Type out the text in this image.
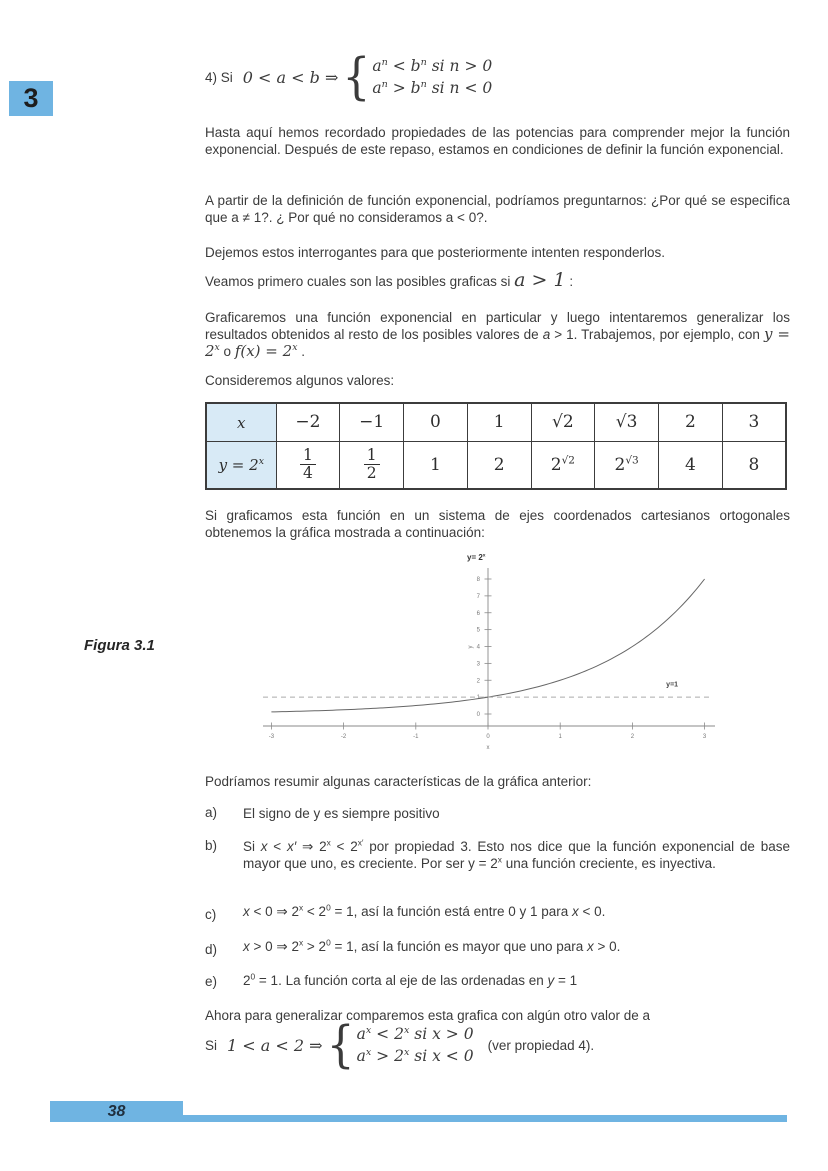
3
4) Si 0 < a < b ⇒ { $a^n < b^n$ si n > 0
$a^n > b^n$ si n < 0
Hasta aquí hemos recordado propiedades de las potencias para comprender mejor la función exponencial. Después de este repaso, estamos en condiciones de definir la función exponencial.
A partir de la definición de función exponencial, podríamos preguntarnos: ¿Por qué se especifica que a ≠ 1?. ¿ Por qué no consideramos a < 0?.
Dejemos estos interrogantes para que posteriormente intenten responderlos.
Veamos primero cuales son las posibles graficas si a > 1 :
Graficaremos una función exponencial en particular y luego intentaremos generalizar los resultados obtenidos al resto de los posibles valores de a > 1. Trabajemos, por ejemplo, con $y = 2^x$ o $f(x) = 2^x$ .
Consideremos algunos valores:
x	−2	−1	0	1	√2	√3	2	3
$y = 2^x$	$\frac{1}{4}$	$\frac{1}{2}$	1	2	$2^{√2}$	$2^{√3}$	4	8
Si graficamos esta función en un sistema de ejes coordenados cartesianos ortogonales obtenemos la gráfica mostrada a continuación:
Figura 3.1
$y= 2^x$
-3	-2	-1	0	1	2	3
0
1
2
3
4
5
6
7
8
x
y
y=1
Podríamos resumir algunas características de la gráfica anterior:
a)	El signo de y es siempre positivo
b)	Si x < x′ ⇒ $2^x < 2^{x'}$ por propiedad 3. Esto nos dice que la función exponencial de base mayor que uno, es creciente. Por ser $y = 2^x$ una función creciente, es inyectiva.
c)	x < 0 ⇒ $2^x < 2^0 = 1$, así la función está entre 0 y 1 para x < 0.
d)	x > 0 ⇒ $2^x > 2^0 = 1$, así la función es mayor que uno para x > 0.
e)	$2^0 = 1$. La función corta al eje de las ordenadas en y = 1
Ahora para generalizar comparemos esta grafica con algún otro valor de a
Si 1 < a < 2 ⇒ { $a^x < 2^x$ si x > 0
$a^x > 2^x$ si x < 0
(ver propiedad 4).
38
